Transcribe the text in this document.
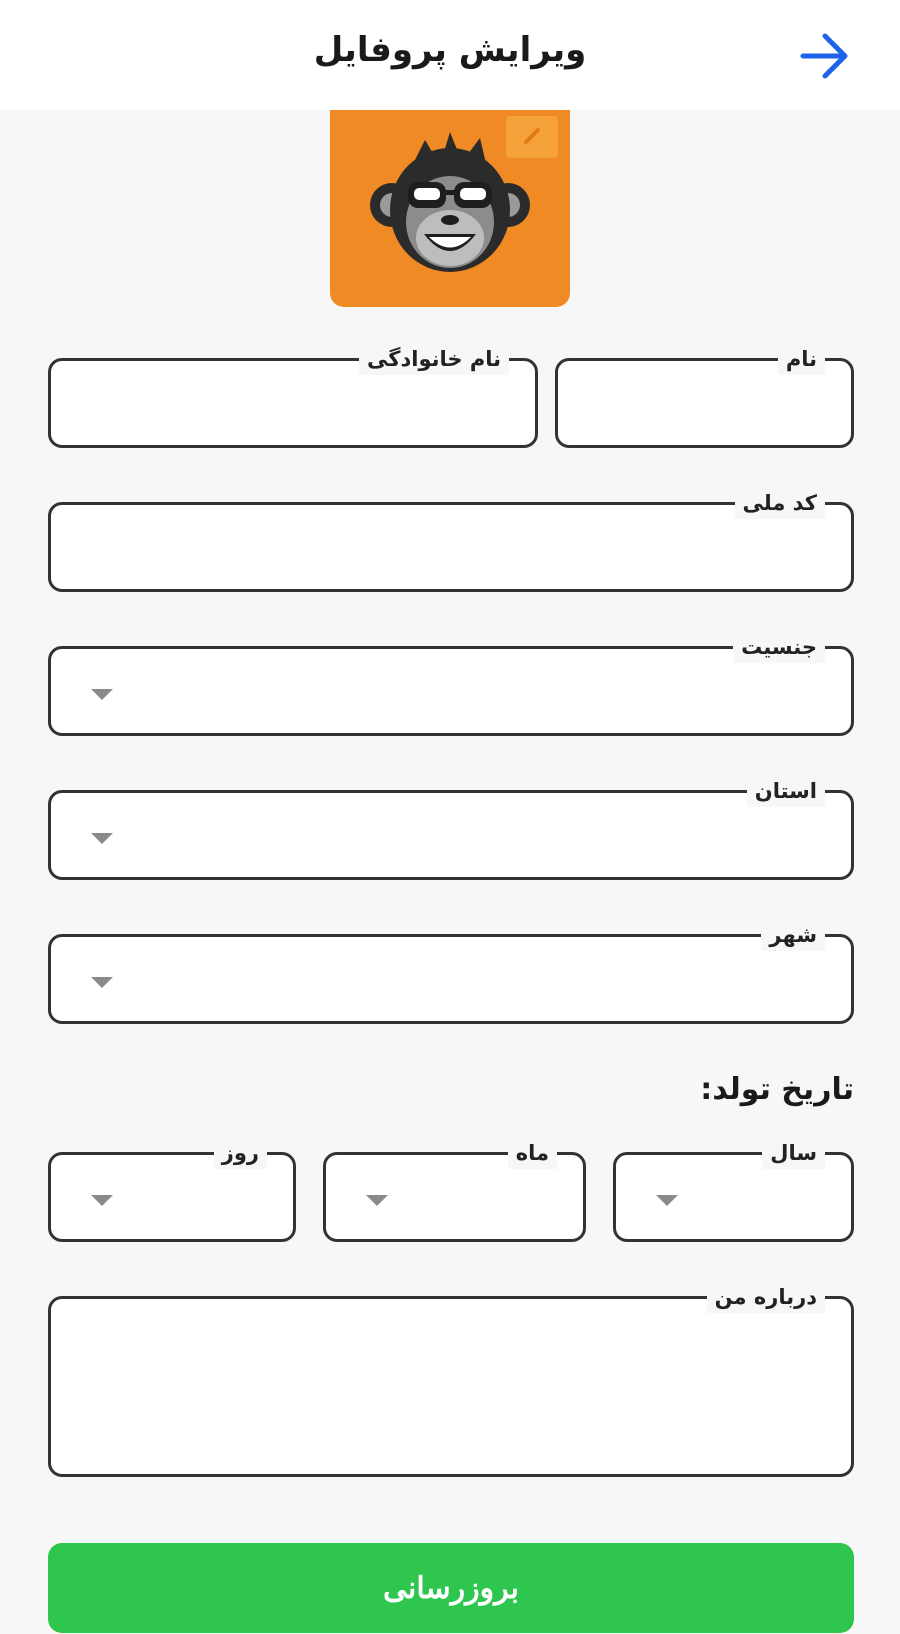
ویرایش پروفایل
نام
نام خانوادگی
کد ملی
جنسیت
استان
شهر
تاریخ تولد:
سال
ماه
روز
درباره من
بروزرسانی
